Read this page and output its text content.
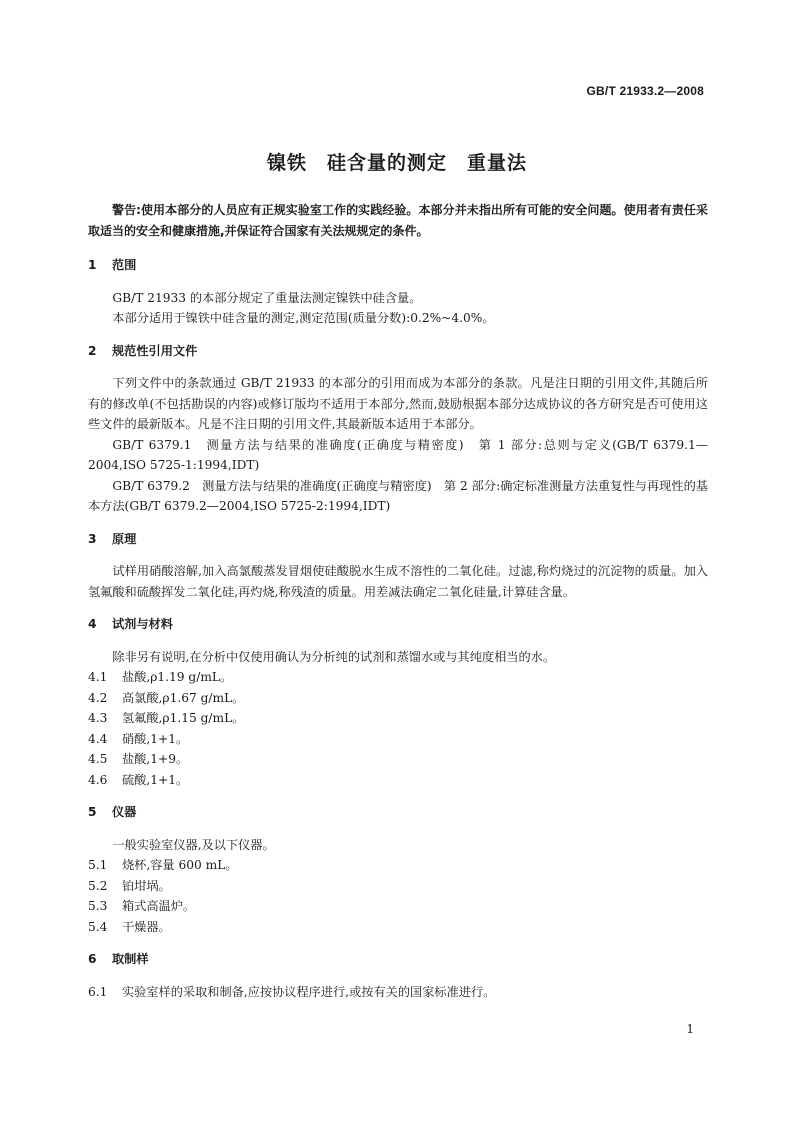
GB/T 21933.2—2008
镍铁　硅含量的测定　重量法

警告:使用本部分的人员应有正规实验室工作的实践经验。本部分并未指出所有可能的安全问题。使用者有责任采取适当的安全和健康措施,并保证符合国家有关法规规定的条件。

1 范围

GB/T 21933 的本部分规定了重量法测定镍铁中硅含量。

本部分适用于镍铁中硅含量的测定,测定范围(质量分数):0.2%~4.0%。

2 规范性引用文件

下列文件中的条款通过 GB/T 21933 的本部分的引用而成为本部分的条款。凡是注日期的引用文件,其随后所有的修改单(不包括勘误的内容)或修订版均不适用于本部分,然而,鼓励根据本部分达成协议的各方研究是否可使用这些文件的最新版本。凡是不注日期的引用文件,其最新版本适用于本部分。

GB/T 6379.1　测量方法与结果的准确度(正确度与精密度)　第 1 部分:总则与定义(GB/T 6379.1—2004,ISO 5725-1:1994,IDT)

GB/T 6379.2　测量方法与结果的准确度(正确度与精密度)　第 2 部分:确定标准测量方法重复性与再现性的基本方法(GB/T 6379.2—2004,ISO 5725-2:1994,IDT)

3 原理

试样用硝酸溶解,加入高氯酸蒸发冒烟使硅酸脱水生成不溶性的二氧化硅。过滤,称灼烧过的沉淀物的质量。加入氢氟酸和硫酸挥发二氧化硅,再灼烧,称残渣的质量。用差减法确定二氧化硅量,计算硅含量。

4 试剂与材料

除非另有说明,在分析中仅使用确认为分析纯的试剂和蒸馏水或与其纯度相当的水。

4.1 盐酸,ρ1.19 g/mL。

4.2 高氯酸,ρ1.67 g/mL。

4.3 氢氟酸,ρ1.15 g/mL。

4.4 硝酸,1+1。

4.5 盐酸,1+9。

4.6 硫酸,1+1。

5 仪器

一般实验室仪器,及以下仪器。

5.1 烧杯,容量 600 mL。

5.2 铂坩埚。

5.3 箱式高温炉。

5.4 干燥器。

6 取制样

6.1 实验室样的采取和制备,应按协议程序进行,或按有关的国家标准进行。

1
